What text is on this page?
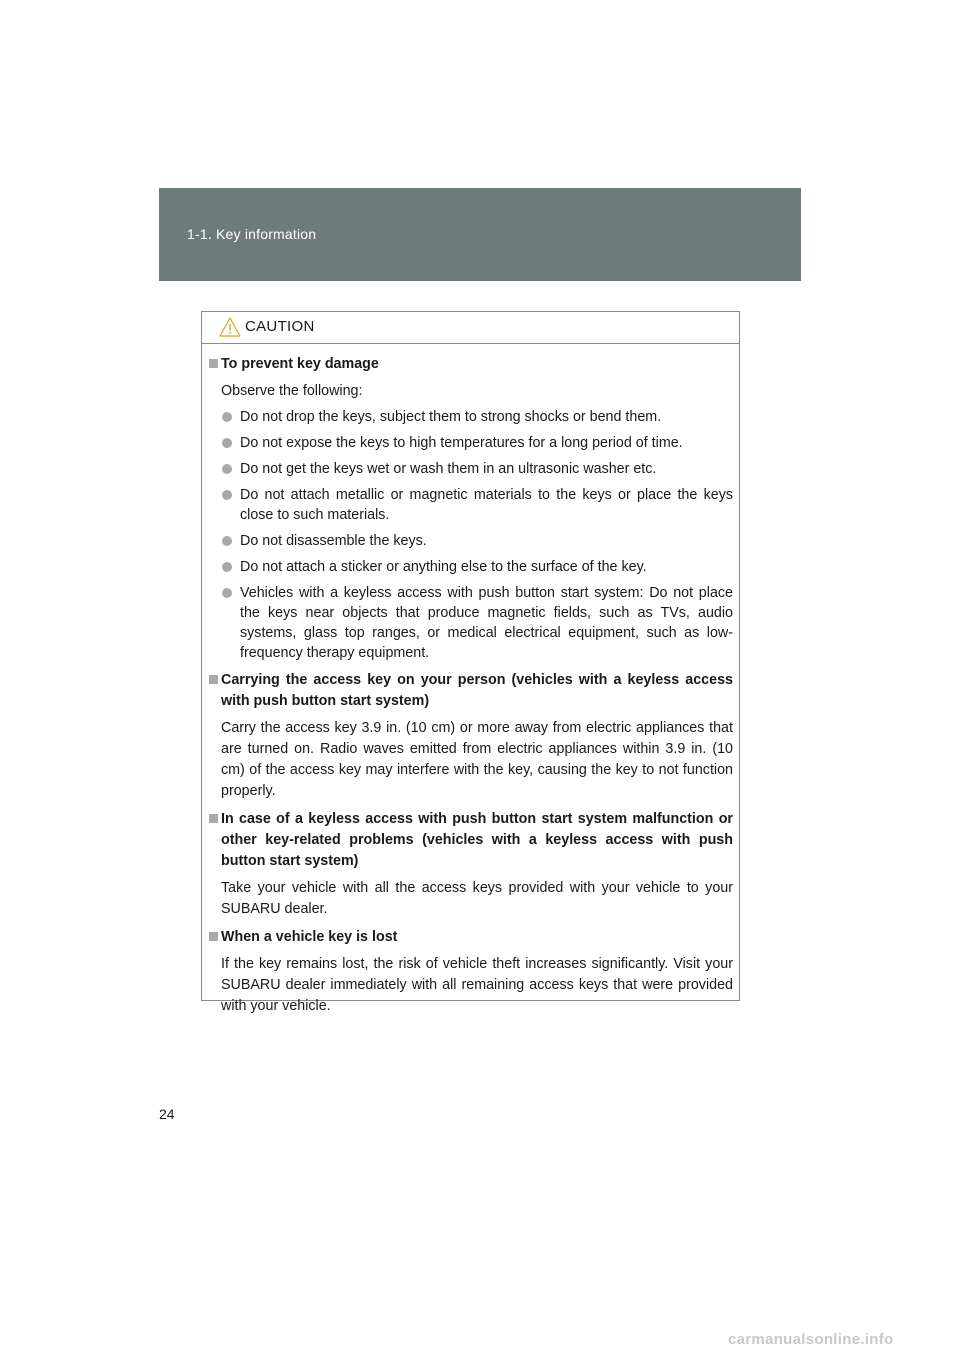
1-1. Key information
CAUTION
To prevent key damage
Observe the following:
Do not drop the keys, subject them to strong shocks or bend them.
Do not expose the keys to high temperatures for a long period of time.
Do not get the keys wet or wash them in an ultrasonic washer etc.
Do not attach metallic or magnetic materials to the keys or place the keys close to such materials.
Do not disassemble the keys.
Do not attach a sticker or anything else to the surface of the key.
Vehicles with a keyless access with push button start system: Do not place the keys near objects that produce magnetic fields, such as TVs, audio systems, glass top ranges, or medical electrical equipment, such as low-frequency therapy equipment.
Carrying the access key on your person (vehicles with a keyless access with push button start system)
Carry the access key 3.9 in. (10 cm) or more away from electric appliances that are turned on. Radio waves emitted from electric appliances within 3.9 in. (10 cm) of the access key may interfere with the key, causing the key to not function properly.
In case of a keyless access with push button start system malfunction or other key-related problems (vehicles with a keyless access with push button start system)
Take your vehicle with all the access keys provided with your vehicle to your SUBARU dealer.
When a vehicle key is lost
If the key remains lost, the risk of vehicle theft increases significantly. Visit your SUBARU dealer immediately with all remaining access keys that were provided with your vehicle.
24
carmanualsonline.info
